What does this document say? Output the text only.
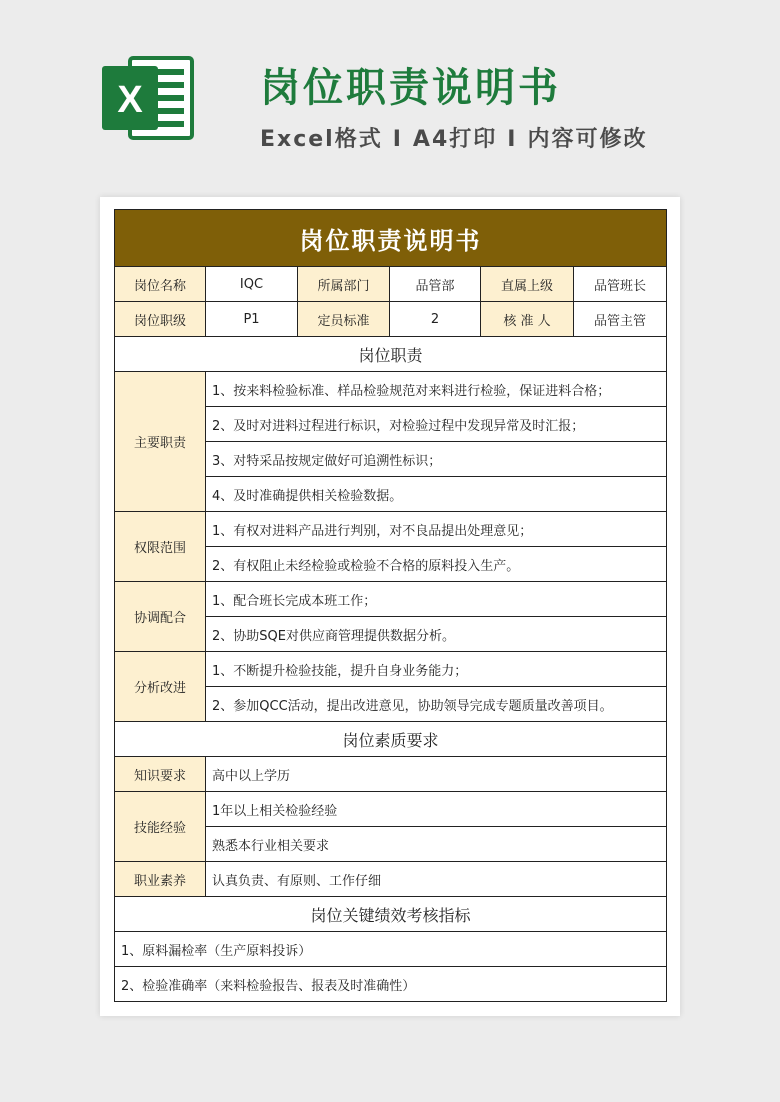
X	岗位职责说明书
Excel格式 I A4打印 I 内容可修改
岗位职责说明书					
岗位名称	IQC	所属部门	品管部	直属上级	品管班长
岗位职级	P1	定员标准	2	核 准 人	品管主管
岗位职责					
主要职责	1、按来料检验标准、样品检验规范对来料进行检验，保证进料合格；				
	2、及时对进料过程进行标识，对检验过程中发现异常及时汇报；				
	3、对特采品按规定做好可追溯性标识；				
	4、及时准确提供相关检验数据。				
权限范围	1、有权对进料产品进行判别，对不良品提出处理意见；				
	2、有权阻止未经检验或检验不合格的原料投入生产。				
协调配合	1、配合班长完成本班工作；				
	2、协助SQE对供应商管理提供数据分析。				
分析改进	1、不断提升检验技能，提升自身业务能力；				
	2、参加QCC活动，提出改进意见，协助领导完成专题质量改善项目。				
岗位素质要求					
知识要求	高中以上学历				
技能经验	1年以上相关检验经验				
	熟悉本行业相关要求				
职业素养	认真负责、有原则、工作仔细				
岗位关键绩效考核指标					
1、原料漏检率（生产原料投诉）					
2、检验准确率（来料检验报告、报表及时准确性）					
